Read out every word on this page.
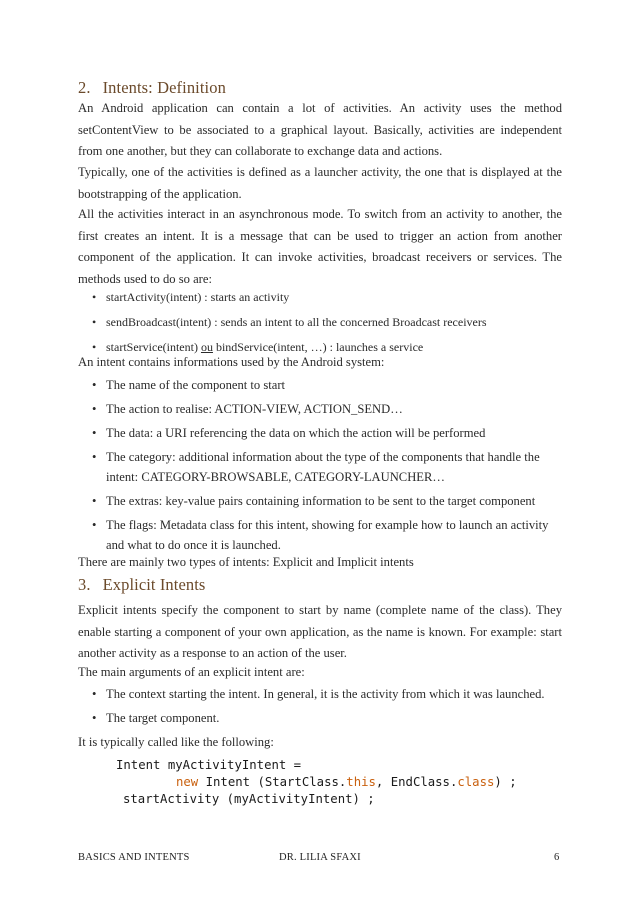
2. Intents: Definition
An Android application can contain a lot of activities. An activity uses the method setContentView to be associated to a graphical layout. Basically, activities are independent from one another, but they can collaborate to exchange data and actions.
Typically, one of the activities is defined as a launcher activity, the one that is displayed at the bootstrapping of the application.
All the activities interact in an asynchronous mode. To switch from an activity to another, the first creates an intent. It is a message that can be used to trigger an action from another component of the application. It can invoke activities, broadcast receivers or services. The methods used to do so are:
• startActivity(intent) : starts an activity
• sendBroadcast(intent) : sends an intent to all the concerned Broadcast receivers
• startService(intent) ou bindService(intent, …) : launches a service
An intent contains informations used by the Android system:
• The name of the component to start
• The action to realise: ACTION-VIEW, ACTION_SEND…
• The data: a URI referencing the data on which the action will be performed
• The category: additional information about the type of the components that handle the intent: CATEGORY-BROWSABLE, CATEGORY-LAUNCHER…
• The extras: key-value pairs containing information to be sent to the target component
• The flags: Metadata class for this intent, showing for example how to launch an activity and what to do once it is launched.
There are mainly two types of intents: Explicit and Implicit intents
3. Explicit Intents
Explicit intents specify the component to start by name (complete name of the class). They enable starting a component of your own application, as the name is known. For example: start another activity as a response to an action of the user.
The main arguments of an explicit intent are:
• The context starting the intent. In general, it is the activity from which it was launched.
• The target component.
It is typically called like the following:
Intent myActivityIntent =
new Intent (StartClass.this, EndClass.class) ;
startActivity (myActivityIntent) ;
BASICS AND INTENTS	DR. LILIA SFAXI	6
